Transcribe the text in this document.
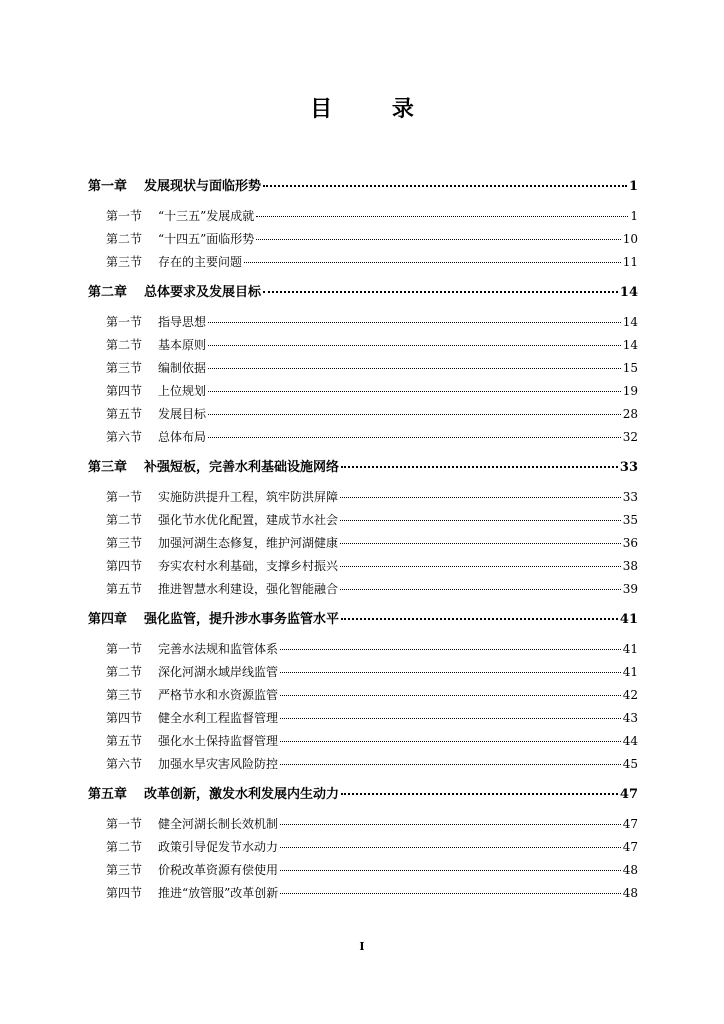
目 录
第一章	发展现状与面临形势	1
第一节	“十三五”发展成就	1
第二节	“十四五”面临形势	10
第三节	存在的主要问题	11
第二章	总体要求及发展目标	14
第一节	指导思想	14
第二节	基本原则	14
第三节	编制依据	15
第四节	上位规划	19
第五节	发展目标	28
第六节	总体布局	32
第三章	补强短板，完善水利基础设施网络	33
第一节	实施防洪提升工程，筑牢防洪屏障	33
第二节	强化节水优化配置，建成节水社会	35
第三节	加强河湖生态修复，维护河湖健康	36
第四节	夯实农村水利基础，支撑乡村振兴	38
第五节	推进智慧水利建设，强化智能融合	39
第四章	强化监管，提升涉水事务监管水平	41
第一节	完善水法规和监管体系	41
第二节	深化河湖水域岸线监管	41
第三节	严格节水和水资源监管	42
第四节	健全水利工程监督管理	43
第五节	强化水土保持监督管理	44
第六节	加强水旱灾害风险防控	45
第五章	改革创新，激发水利发展内生动力	47
第一节	健全河湖长制长效机制	47
第二节	政策引导促发节水动力	47
第三节	价税改革资源有偿使用	48
第四节	推进“放管服”改革创新	48
I
